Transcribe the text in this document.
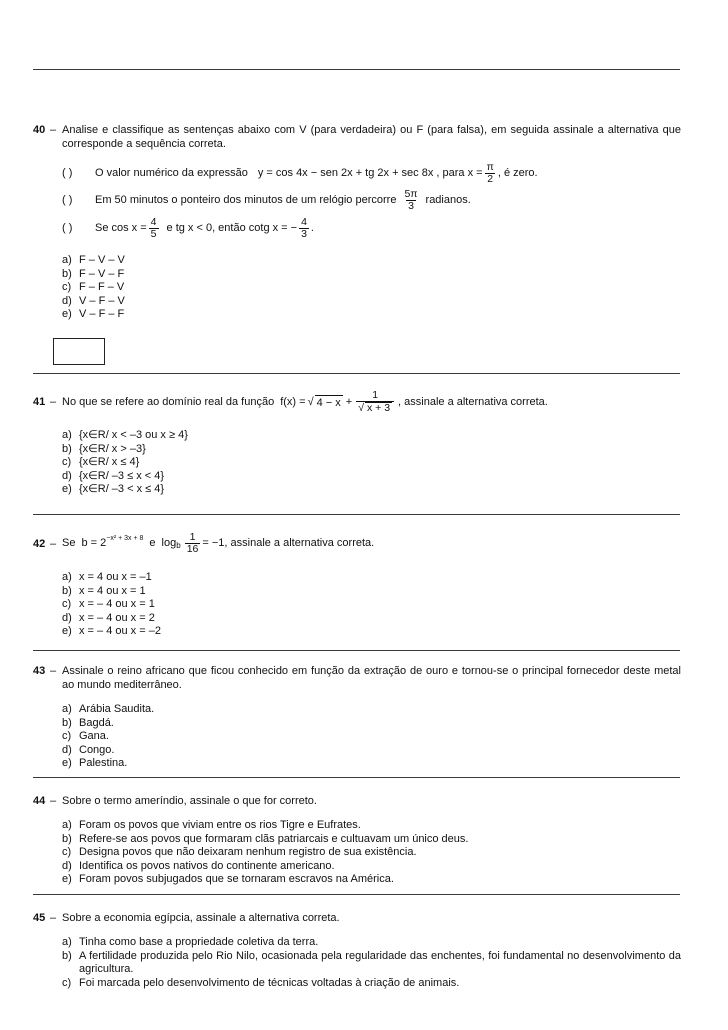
40 – Analise e classifique as sentenças abaixo com V (para verdadeira) ou F (para falsa), em seguida assinale a alternativa que corresponde a sequência correta.
( )	O valor numérico da expressão y = cos 4x − sen 2x + tg 2x + sec 8x , para $x = \frac{\pi}{2}$ , é zero.
( )	Em 50 minutos o ponteiro dos minutos de um relógio percorre $\frac{5\pi}{3}$ radianos.
( )	Se $\cos x = \frac{4}{5}$ e tg x < 0, então cotg x = − $\frac{4}{3}$ .
a) F – V – V
b) F – V – F
c) F – F – V
d) V – F – V
e) V – F – F
41 – No que se refere ao domínio real da função f(x) = √ $4 - x + \frac{1}{√ x + 3}$ , assinale a alternativa correta.
a) {x∈R/ x < –3 ou x ≥ 4}
b) {x∈R/ x > –3}
c) {x∈R/ x ≤ 4}
d) {x∈R/ –3 ≤ x < 4}
e) {x∈R/ –3 < x ≤ 4}
42 – Se $b = 2^{-x^2 + 3x + 8}$ e $\log_b \frac{1}{16} = -1$ , assinale a alternativa correta.
a) x = 4 ou x = –1
b) x = 4 ou x = 1
c) x = – 4 ou x = 1
d) x = – 4 ou x = 2
e) x = – 4 ou x = –2
43 – Assinale o reino africano que ficou conhecido em função da extração de ouro e tornou-se o principal fornecedor deste metal ao mundo mediterrâneo.
a) Arábia Saudita.
b) Bagdá.
c) Gana.
d) Congo.
e) Palestina.
44 – Sobre o termo ameríndio, assinale o que for correto.
a) Foram os povos que viviam entre os rios Tigre e Eufrates.
b) Refere-se aos povos que formaram clãs patriarcais e cultuavam um único deus.
c) Designa povos que não deixaram nenhum registro de sua existência.
d) Identifica os povos nativos do continente americano.
e) Foram povos subjugados que se tornaram escravos na América.
45 – Sobre a economia egípcia, assinale a alternativa correta.
a) Tinha como base a propriedade coletiva da terra.
b) A fertilidade produzida pelo Rio Nilo, ocasionada pela regularidade das enchentes, foi fundamental no desenvolvimento da agricultura.
c) Foi marcada pelo desenvolvimento de técnicas voltadas à criação de animais.
